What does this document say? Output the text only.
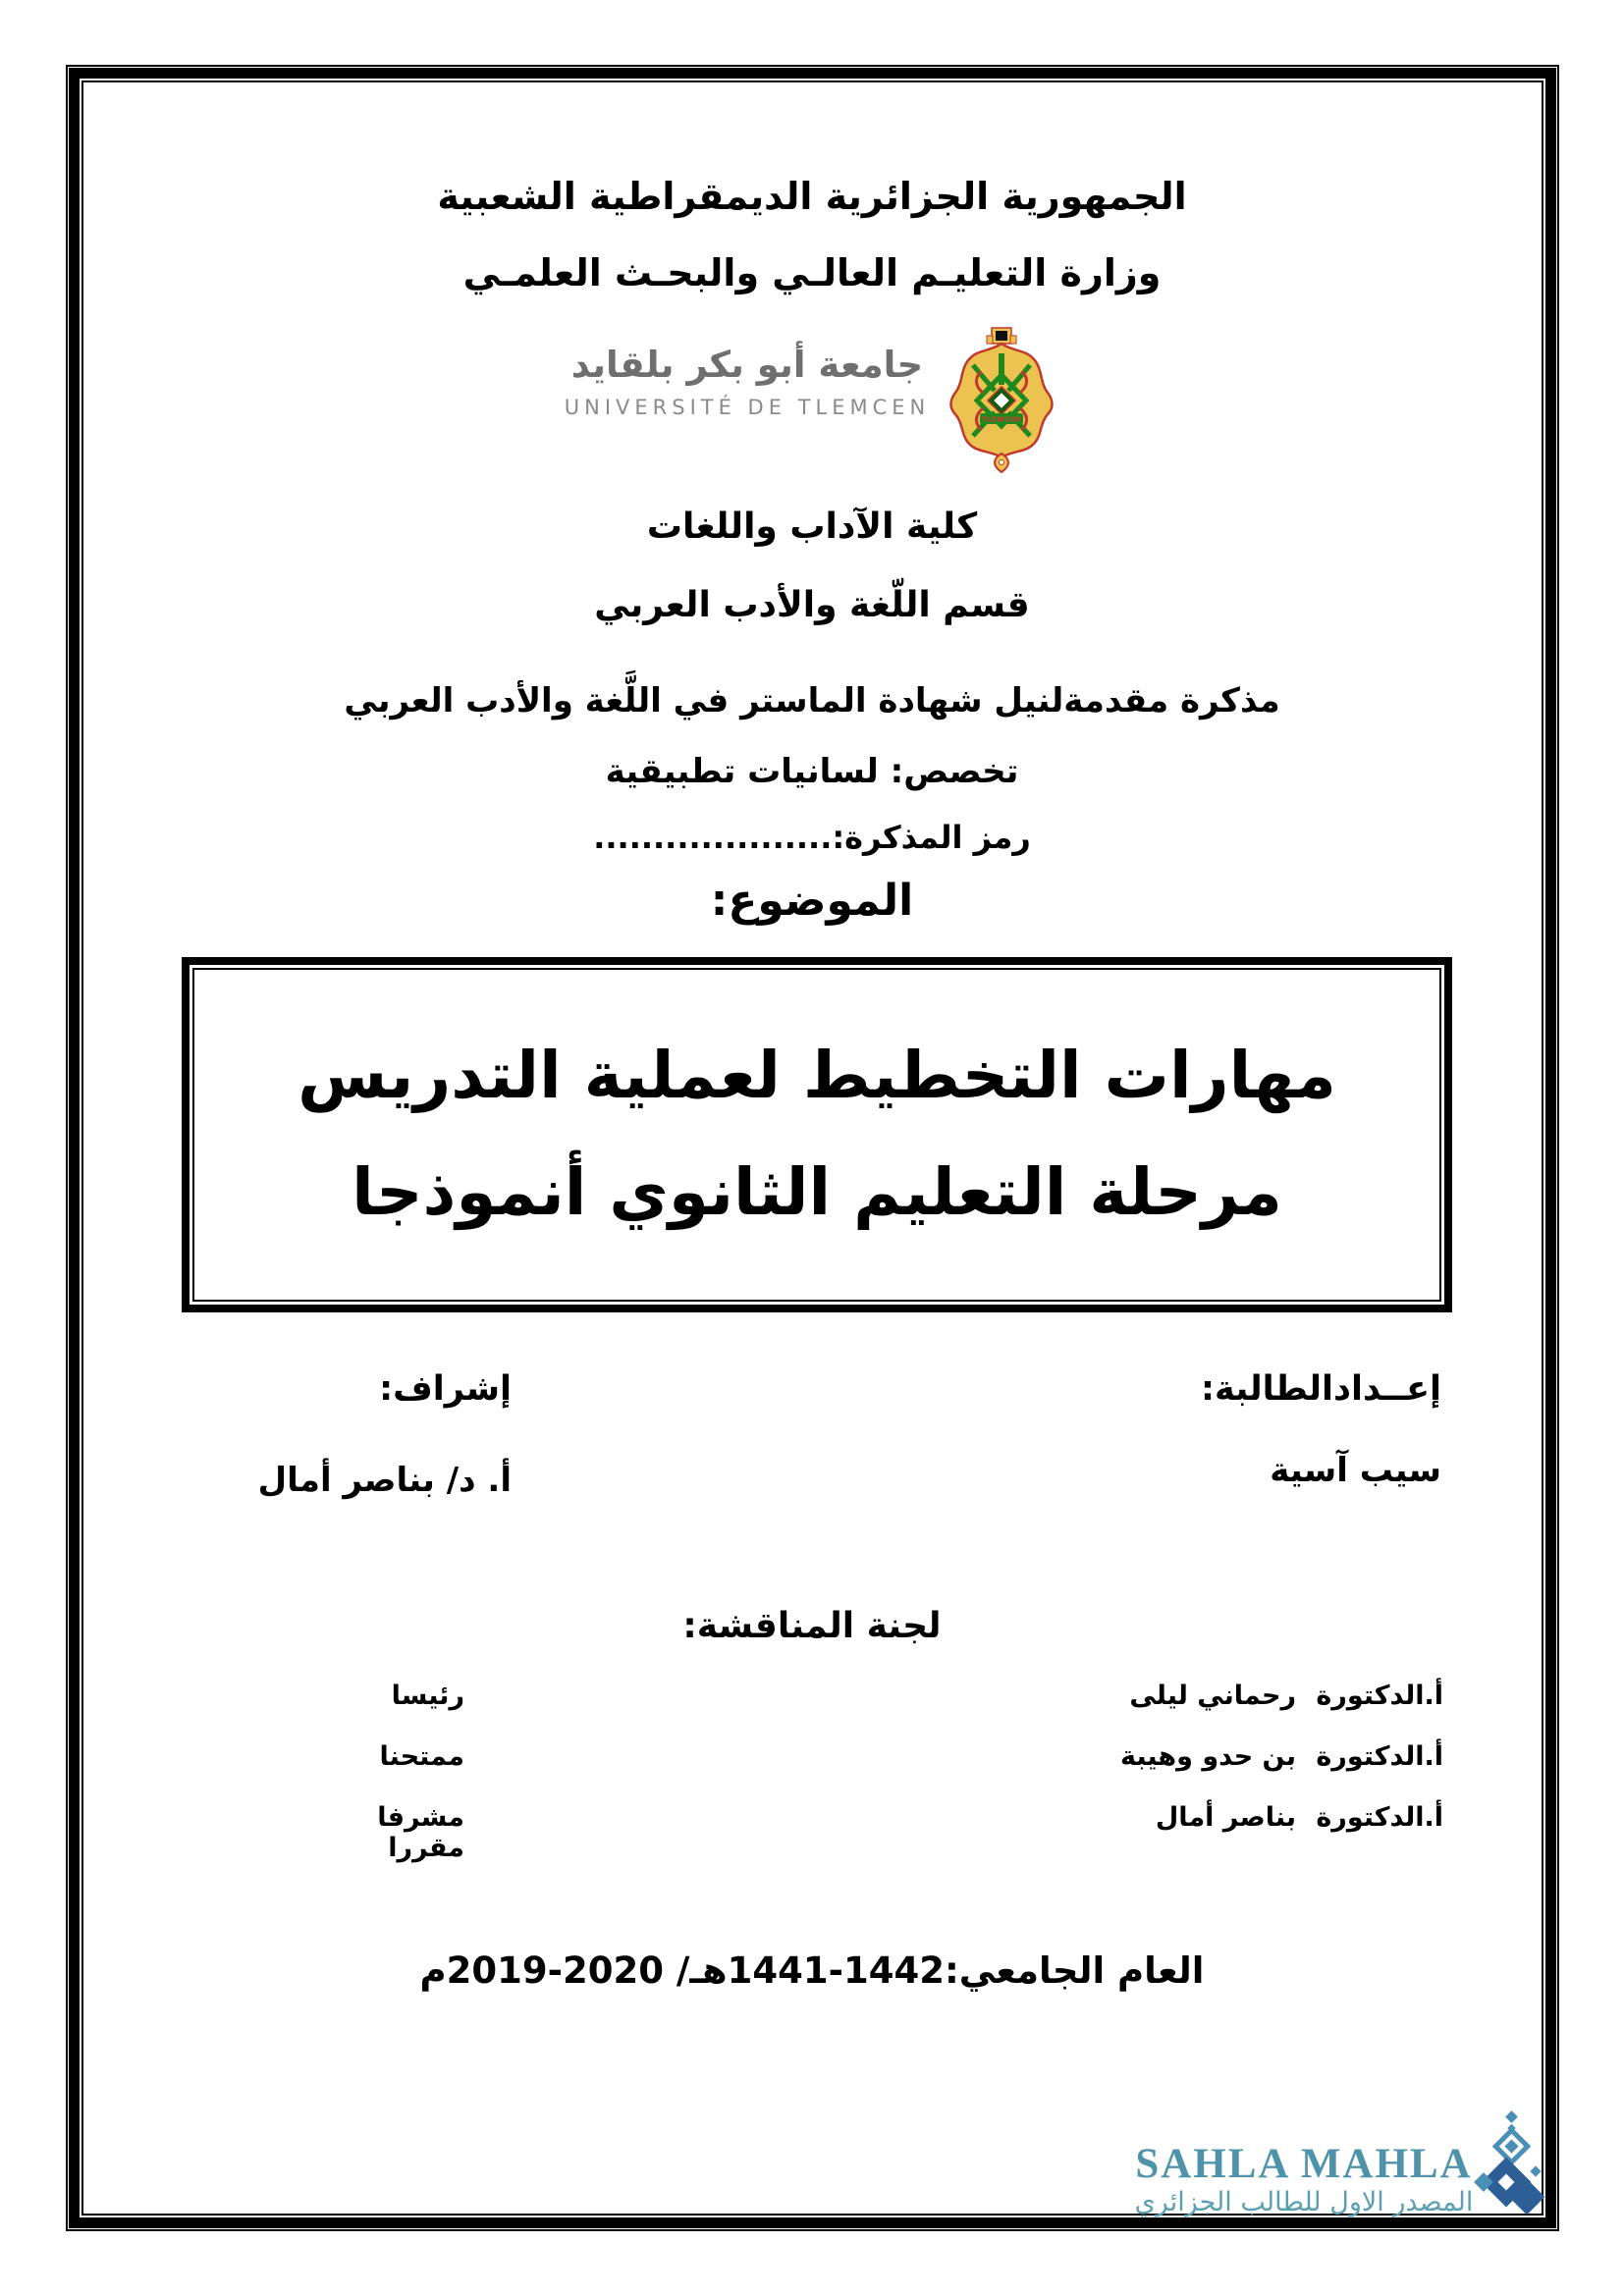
الجمهورية الجزائرية الديمقراطية الشعبية
وزارة التعليـم العالـي والبحـث العلمـي
جامعة أبو بكر بلقايد
UNIVERSITÉ DE TLEMCEN
TLEMCEN
كلية الآداب واللغات
قسم اللّغة والأدب العربي
مذكرة مقدمةلنيل شهادة الماستر في اللَّغة والأدب العربي
تخصص: لسانيات تطبيقية
رمز المذكرة:....................
الموضوع:
مهارات التخطيط لعملية التدريس
مرحلة التعليم الثانوي أنموذجا
إعــدادالطالبة:
سيب آسية
إشراف:
أ. د/ بناصر أمال
لجنة المناقشة:
أ.الدكتورة
رحماني ليلى
رئيسا
أ.الدكتورة
بن حدو وهيبة
ممتحنا
أ.الدكتورة
بناصر أمال
مشرفا مقررا
العام الجامعي:1442-1441هـ/ 2020-2019م
SAHLA MAHLA
المصدر الاول للطالب الجزائري
